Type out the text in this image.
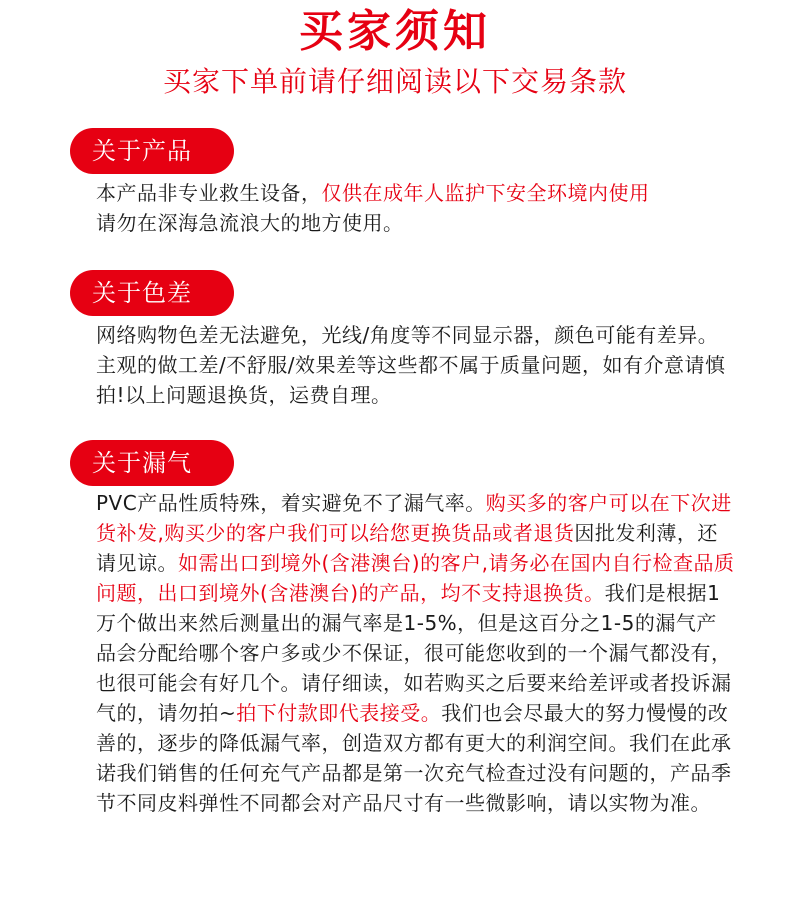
买家须知
买家下单前请仔细阅读以下交易条款
关于产品
本产品非专业救生设备，仅供在成年人监护下安全环境内使用
请勿在深海急流浪大的地方使用。
关于色差
网络购物色差无法避免，光线/角度等不同显示器，颜色可能有差异。主观的做工差/不舒服/效果差等这些都不属于质量问题，如有介意请慎拍!以上问题退换货，运费自理。
关于漏气
PVC产品性质特殊，着实避免不了漏气率。购买多的客户可以在下次进货补发,购买少的客户我们可以给您更换货品或者退货因批发利薄，还请见谅。如需出口到境外(含港澳台)的客户,请务必在国内自行检查品质问题，出口到境外(含港澳台)的产品，均不支持退换货。我们是根据1万个做出来然后测量出的漏气率是1-5%，但是这百分之1-5的漏气产品会分配给哪个客户多或少不保证，很可能您收到的一个漏气都没有，也很可能会有好几个。请仔细读，如若购买之后要来给差评或者投诉漏气的，请勿拍~拍下付款即代表接受。我们也会尽最大的努力慢慢的改善的，逐步的降低漏气率，创造双方都有更大的利润空间。我们在此承诺我们销售的任何充气产品都是第一次充气检查过没有问题的，产品季节不同皮料弹性不同都会对产品尺寸有一些微影响，请以实物为准。
